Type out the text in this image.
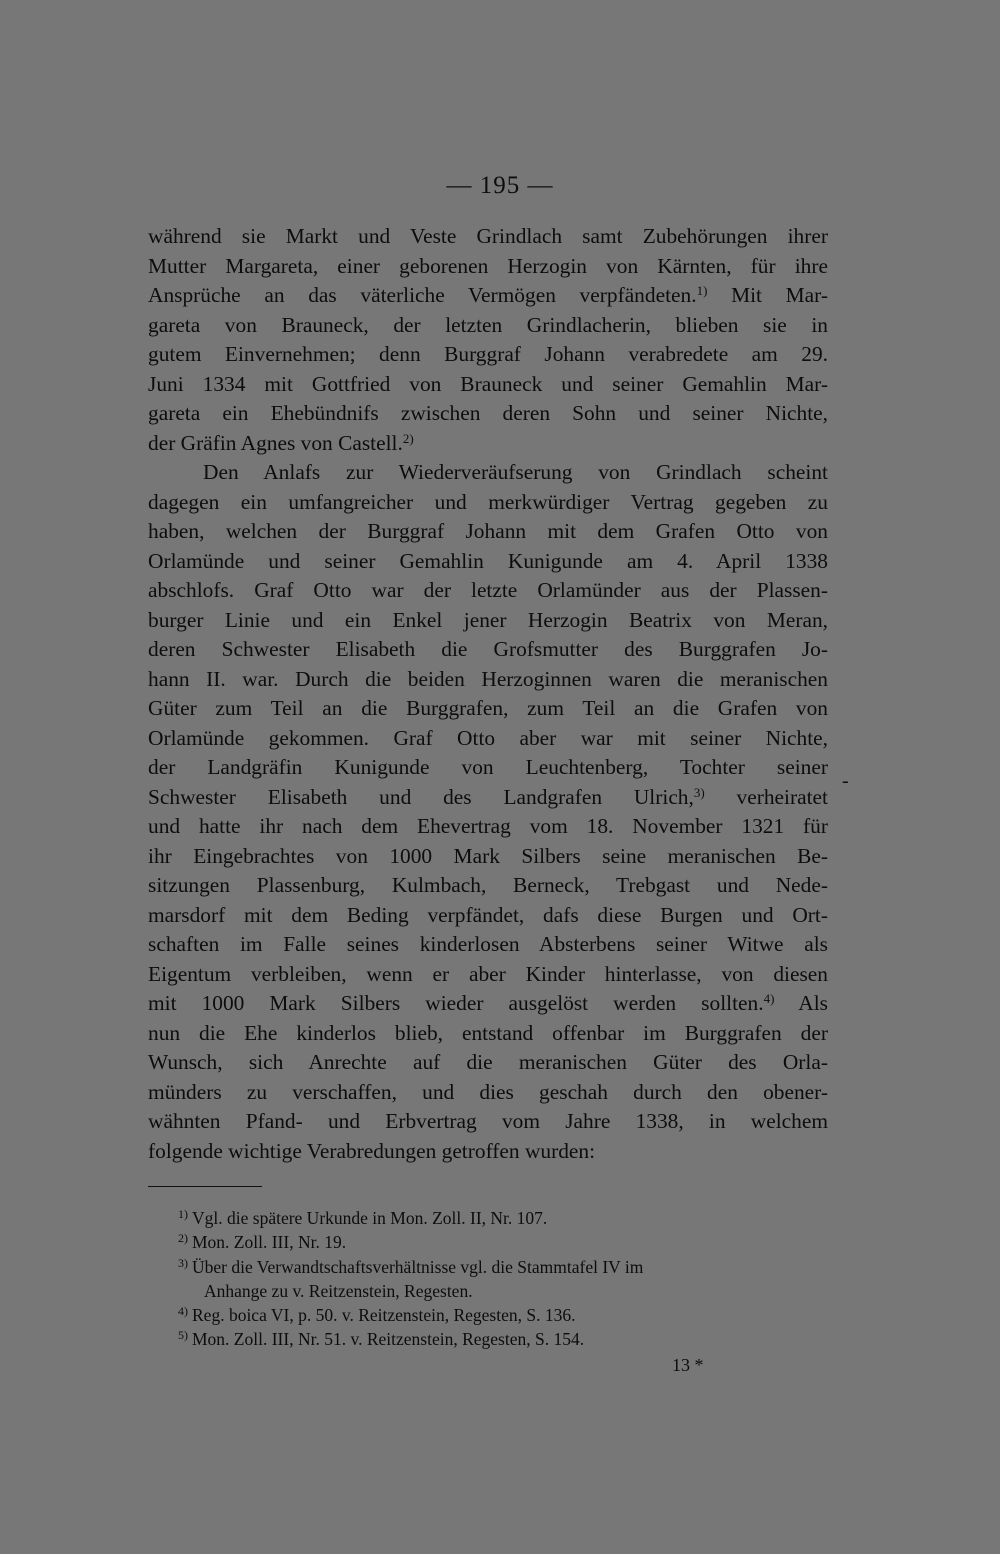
— 195 —
während sie Markt und Veste Grindlach samt Zubehörungen ihrer
Mutter Margareta, einer geborenen Herzogin von Kärnten, für ihre
Ansprüche an das väterliche Vermögen verpfändeten.$^{1)}$ Mit Mar-
gareta von Brauneck, der letzten Grindlacherin, blieben sie in
gutem Einvernehmen; denn Burggraf Johann verabredete am 29.
Juni 1334 mit Gottfried von Brauneck und seiner Gemahlin Mar-
gareta ein Ehebündnifs zwischen deren Sohn und seiner Nichte,
der Gräfin Agnes von Castell.$^{2)}$
Den Anlafs zur Wiederveräufserung von Grindlach scheint
dagegen ein umfangreicher und merkwürdiger Vertrag gegeben zu
haben, welchen der Burggraf Johann mit dem Grafen Otto von
Orlamünde und seiner Gemahlin Kunigunde am 4. April 1338
abschlofs. Graf Otto war der letzte Orlamünder aus der Plassen-
burger Linie und ein Enkel jener Herzogin Beatrix von Meran,
deren Schwester Elisabeth die Grofsmutter des Burggrafen Jo-
hann II. war. Durch die beiden Herzoginnen waren die meranischen
Güter zum Teil an die Burggrafen, zum Teil an die Grafen von
Orlamünde gekommen. Graf Otto aber war mit seiner Nichte,
der Landgräfin Kunigunde von Leuchtenberg, Tochter seiner
Schwester Elisabeth und des Landgrafen Ulrich,$^{3)}$ verheiratet
und hatte ihr nach dem Ehevertrag vom 18. November 1321 für
ihr Eingebrachtes von 1000 Mark Silbers seine meranischen Be-
sitzungen Plassenburg, Kulmbach, Berneck, Trebgast und Nede-
marsdorf mit dem Beding verpfändet, dafs diese Burgen und Ort-
schaften im Falle seines kinderlosen Absterbens seiner Witwe als
Eigentum verbleiben, wenn er aber Kinder hinterlasse, von diesen
mit 1000 Mark Silbers wieder ausgelöst werden sollten.$^{4)}$ Als
nun die Ehe kinderlos blieb, entstand offenbar im Burggrafen der
Wunsch, sich Anrechte auf die meranischen Güter des Orla-
münders zu verschaffen, und dies geschah durch den obener-
wähnten Pfand- und Erbvertrag vom Jahre 1338, in welchem
folgende wichtige Verabredungen getroffen wurden:
-
$^{1)}$ Vgl. die spätere Urkunde in Mon. Zoll. II, Nr. 107.
$^{2)}$ Mon. Zoll. III, Nr. 19.
$^{3)}$ Über die Verwandtschaftsverhältnisse vgl. die Stammtafel IV im
Anhange zu v. Reitzenstein, Regesten.
$^{4)}$ Reg. boica VI, p. 50. v. Reitzenstein, Regesten, S. 136.
$^{5)}$ Mon. Zoll. III, Nr. 51. v. Reitzenstein, Regesten, S. 154.
13 *
